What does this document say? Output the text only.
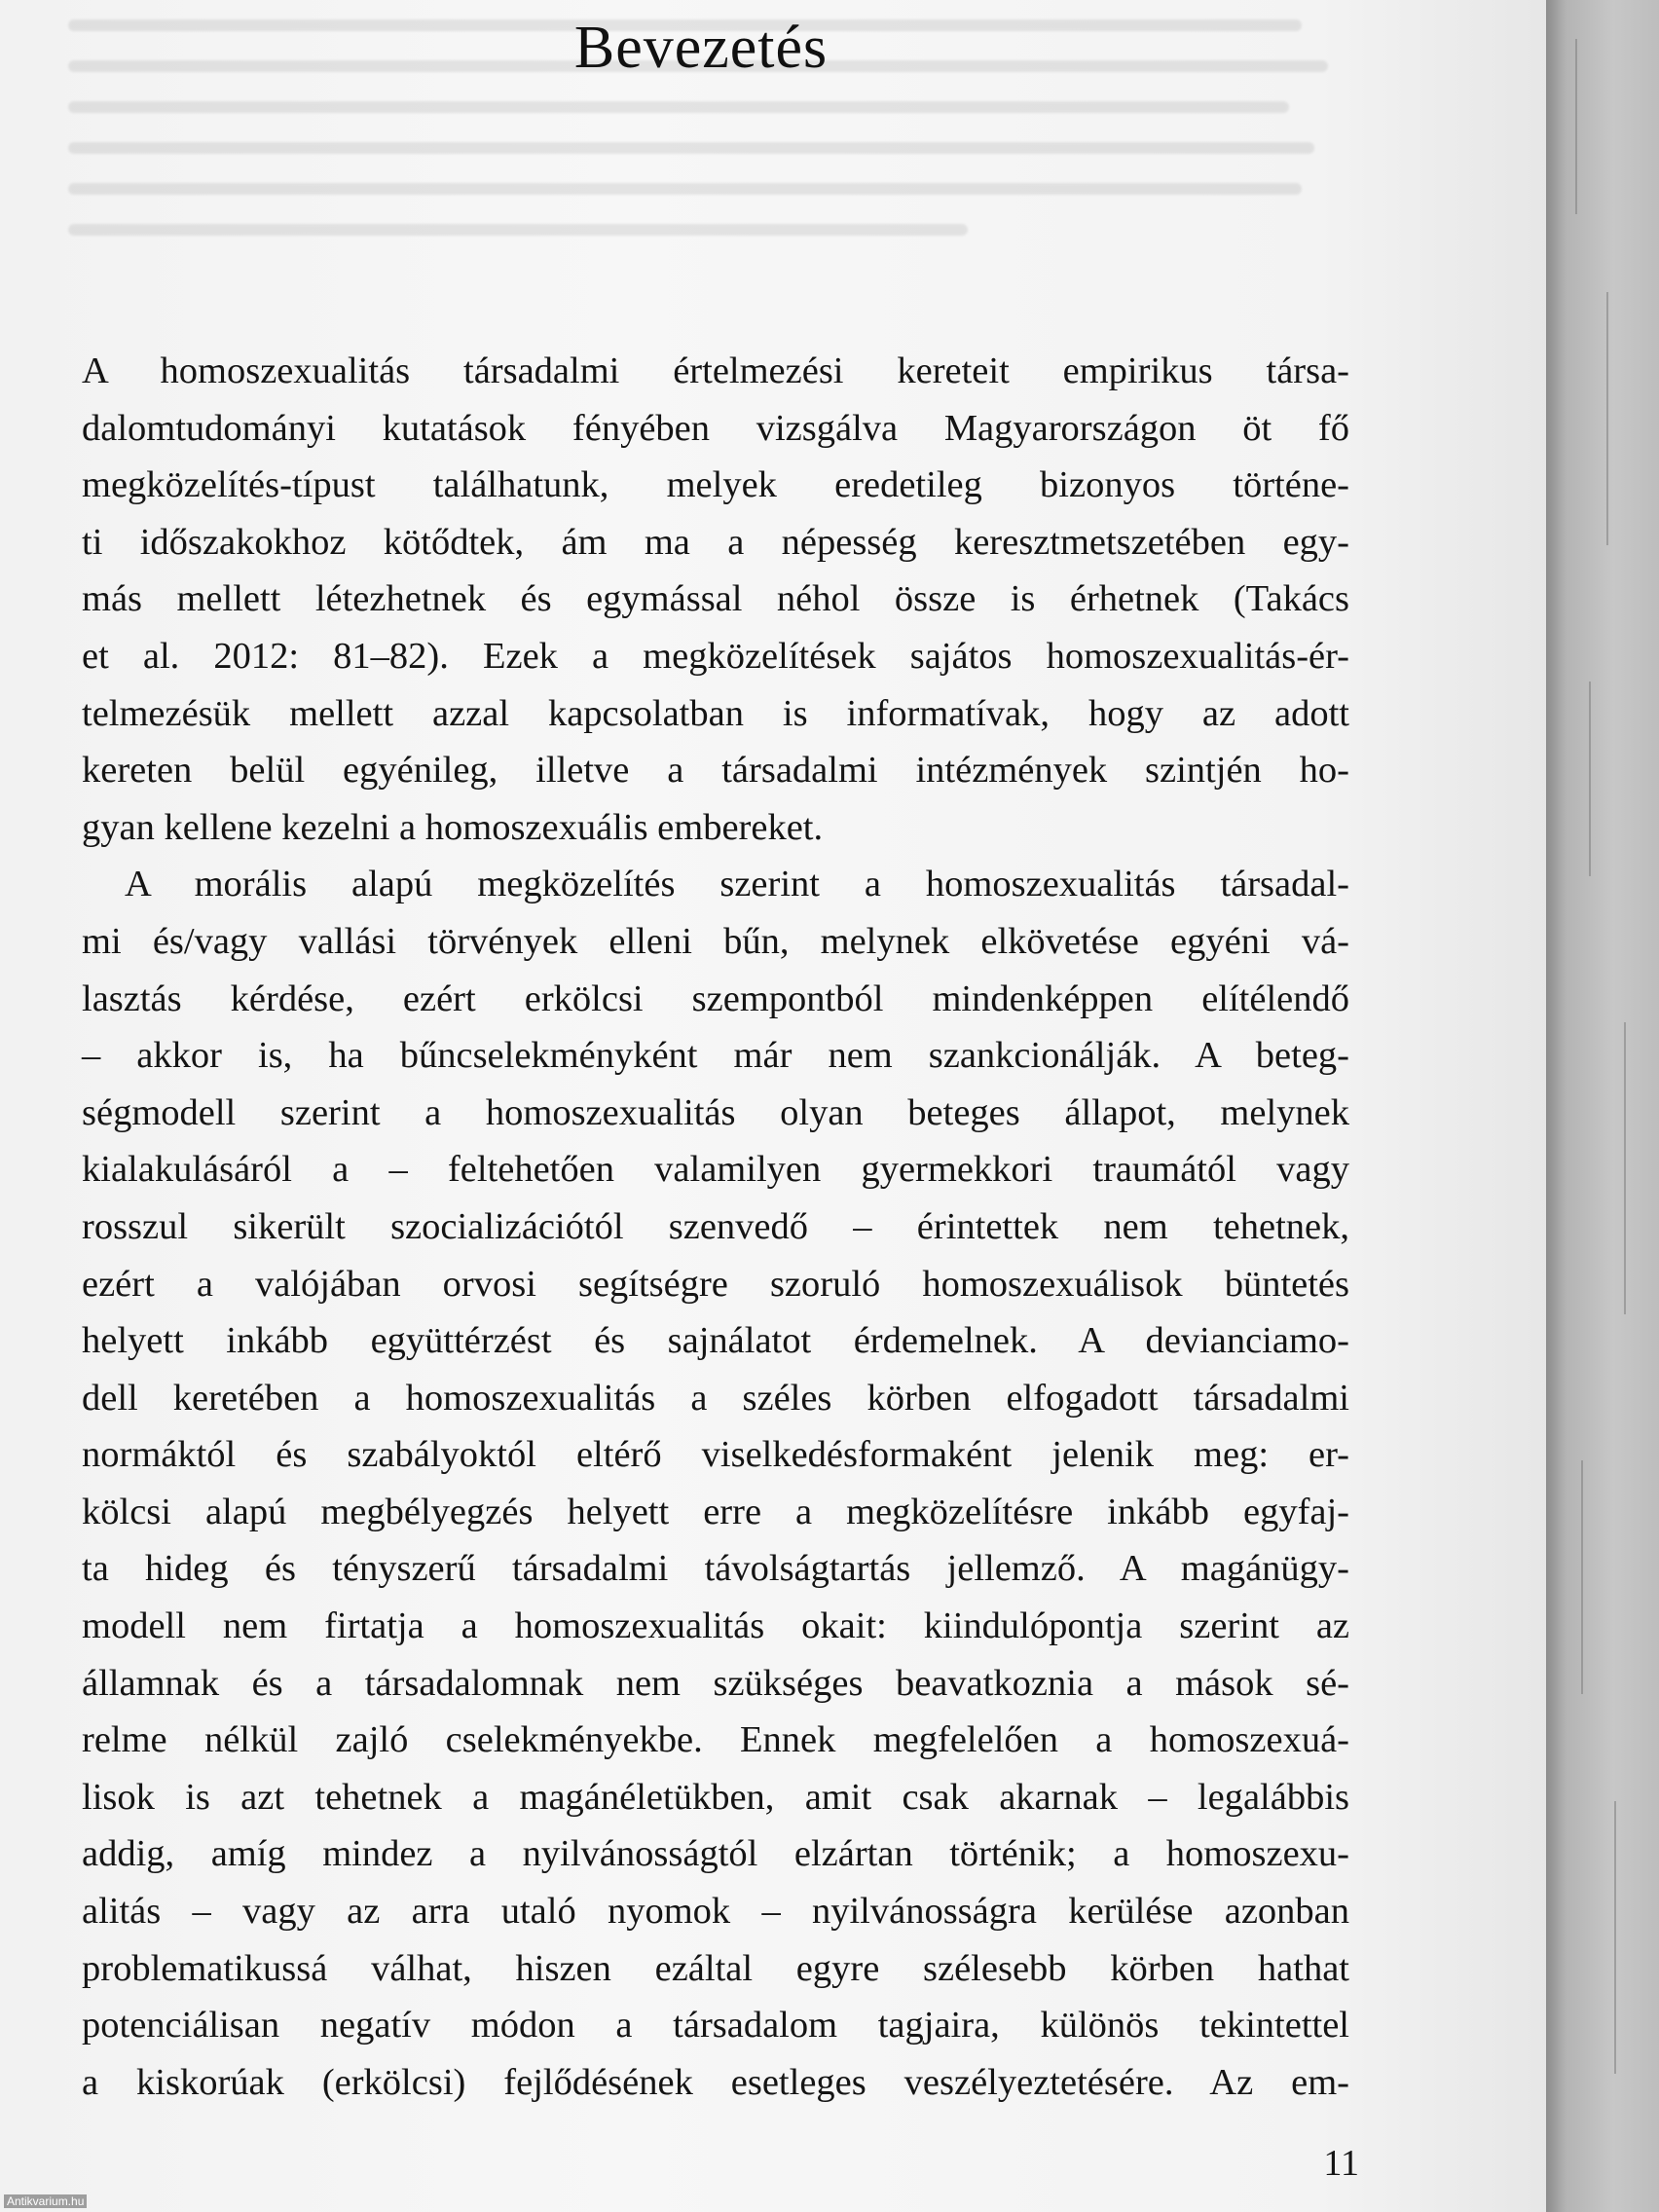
Bevezetés

A homoszexualitás társadalmi értelmezési kereteit empirikus társa-
dalomtudományi kutatások fényében vizsgálva Magyarországon öt fő
megközelítés-típust találhatunk, melyek eredetileg bizonyos történe-
ti időszakokhoz kötődtek, ám ma a népesség keresztmetszetében egy-
más mellett létezhetnek és egymással néhol össze is érhetnek (Takács
et al. 2012: 81–82). Ezek a megközelítések sajátos homoszexualitás-ér-
telmezésük mellett azzal kapcsolatban is informatívak, hogy az adott
kereten belül egyénileg, illetve a társadalmi intézmények szintjén ho-
gyan kellene kezelni a homoszexuális embereket.

A morális alapú megközelítés szerint a homoszexualitás társadal-
mi és/vagy vallási törvények elleni bűn, melynek elkövetése egyéni vá-
lasztás kérdése, ezért erkölcsi szempontból mindenképpen elítélendő
– akkor is, ha bűncselekményként már nem szankcionálják. A beteg-
ségmodell szerint a homoszexualitás olyan beteges állapot, melynek
kialakulásáról a – feltehetően valamilyen gyermekkori traumától vagy
rosszul sikerült szocializációtól szenvedő – érintettek nem tehetnek,
ezért a valójában orvosi segítségre szoruló homoszexuálisok büntetés
helyett inkább együttérzést és sajnálatot érdemelnek. A devianciamo-
dell keretében a homoszexualitás a széles körben elfogadott társadalmi
normáktól és szabályoktól eltérő viselkedésformaként jelenik meg: er-
kölcsi alapú megbélyegzés helyett erre a megközelítésre inkább egyfaj-
ta hideg és tényszerű társadalmi távolságtartás jellemző. A magánügy-
modell nem firtatja a homoszexualitás okait: kiindulópontja szerint az
államnak és a társadalomnak nem szükséges beavatkoznia a mások sé-
relme nélkül zajló cselekményekbe. Ennek megfelelően a homoszexuá-
lisok is azt tehetnek a magánéletükben, amit csak akarnak – legalábbis
addig, amíg mindez a nyilvánosságtól elzártan történik; a homoszexu-
alitás – vagy az arra utaló nyomok – nyilvánosságra kerülése azonban
problematikussá válhat, hiszen ezáltal egyre szélesebb körben hathat
potenciálisan negatív módon a társadalom tagjaira, különös tekintettel
a kiskorúak (erkölcsi) fejlődésének esetleges veszélyeztetésére. Az em-

11
Antikvarium.hu
